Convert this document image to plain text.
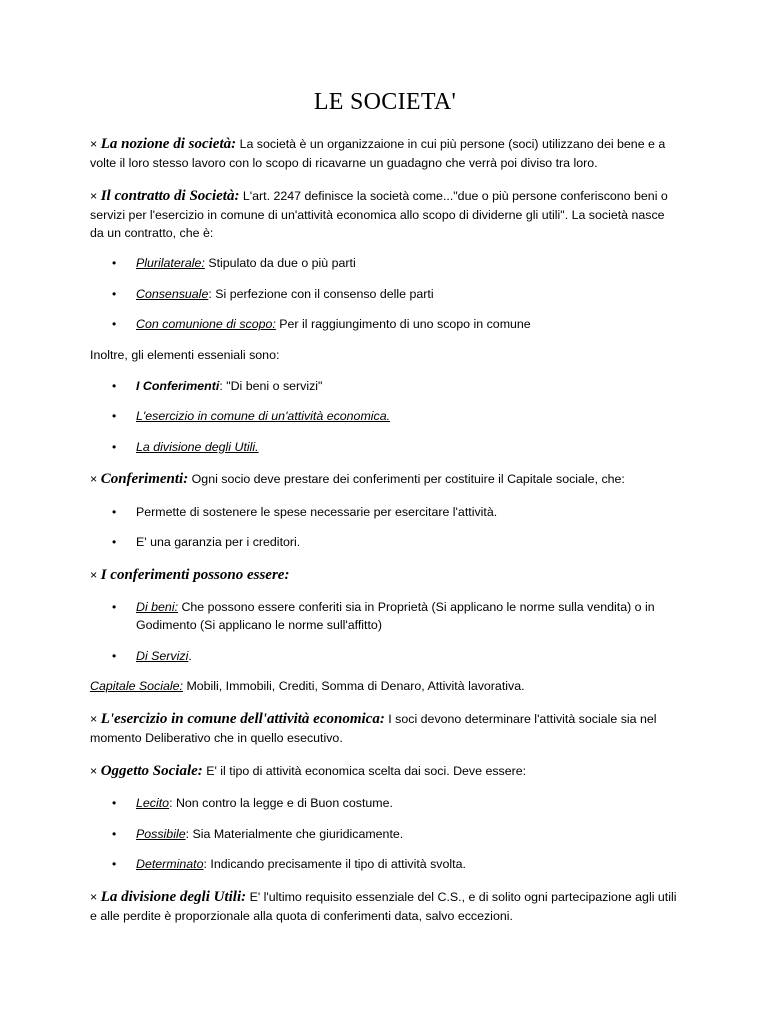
LE SOCIETA'

× La nozione di società: La società è un organizzaione in cui più persone (soci) utilizzano dei bene e a volte il loro stesso lavoro con lo scopo di ricavarne un guadagno che verrà poi diviso tra loro.

× Il contratto di Società: L'art. 2247 definisce la società come..."due o più persone conferiscono beni o servizi per l'esercizio in comune di un'attività economica allo scopo di dividerne gli utili". La società nasce da un contratto, che è:

• Plurilaterale: Stipulato da due o più parti
• Consensuale: Si perfezione con il consenso delle parti
• Con comunione di scopo: Per il raggiungimento di uno scopo in comune

Inoltre, gli elementi esseniali sono:

• I Conferimenti: "Di beni o servizi"
• L'esercizio in comune di un'attività economica.
• La divisione degli Utili.

× Conferimenti: Ogni socio deve prestare dei conferimenti per costituire il Capitale sociale, che:

• Permette di sostenere le spese necessarie per esercitare l'attività.
• E' una garanzia per i creditori.

× I conferimenti possono essere:

• Di beni: Che possono essere conferiti sia in Proprietà (Si applicano le norme sulla vendita) o in Godimento (Si applicano le norme sull'affitto)
• Di Servizi.

Capitale Sociale: Mobili, Immobili, Crediti, Somma di Denaro, Attività lavorativa.

× L'esercizio in comune dell'attività economica: I soci devono determinare l'attività sociale sia nel momento Deliberativo che in quello esecutivo.

× Oggetto Sociale: E' il tipo di attività economica scelta dai soci. Deve essere:

• Lecito: Non contro la legge e di Buon costume.
• Possibile: Sia Materialmente che giuridicamente.
• Determinato: Indicando precisamente il tipo di attività svolta.

× La divisione degli Utili: E' l'ultimo requisito essenziale del C.S., e di solito ogni partecipazione agli utili e alle perdite è proporzionale alla quota di conferimenti data, salvo eccezioni.
